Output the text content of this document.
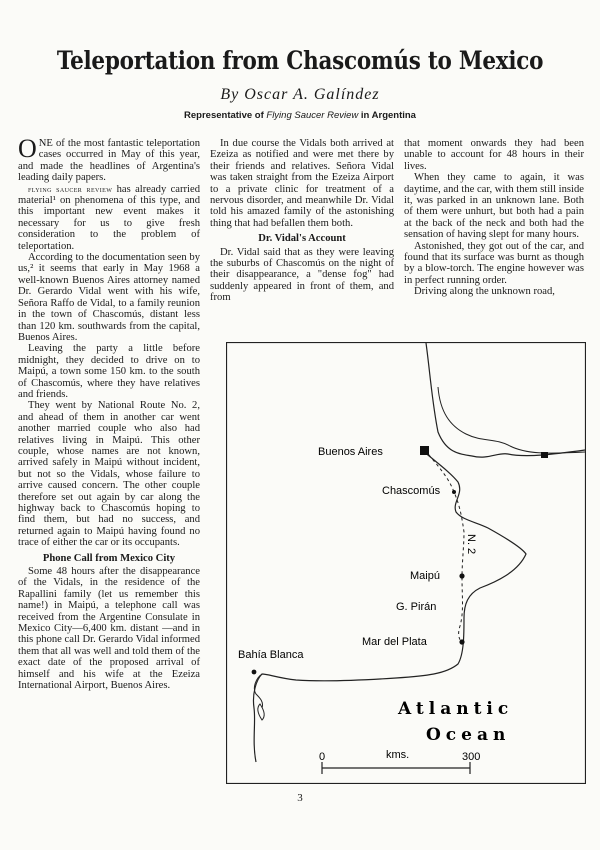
Teleportation from Chascomús to Mexico
By Oscar A. Galíndez
Representative of Flying Saucer Review in Argentina

ONE of the most fantastic teleportation cases occurred in May of this year, and made the headlines of Argentina's leading daily papers.

flying saucer review has already carried material¹ on phenomena of this type, and this important new event makes it necessary for us to give fresh consideration to the problem of teleportation.

According to the documentation seen by us,² it seems that early in May 1968 a well-known Buenos Aires attorney named Dr. Gerardo Vidal went with his wife, Señora Raffo de Vidal, to a family reunion in the town of Chascomús, distant less than 120 km. southwards from the capital, Buenos Aires.

Leaving the party a little before midnight, they decided to drive on to Maipú, a town some 150 km. to the south of Chascomús, where they have relatives and friends.

They went by National Route No. 2, and ahead of them in another car went another married couple who also had relatives living in Maipú. This other couple, whose names are not known, arrived safely in Maipú without incident, but not so the Vidals, whose failure to arrive caused concern. The other couple therefore set out again by car along the highway back to Chascomús hoping to find them, but had no success, and returned again to Maipú having found no trace of either the car or its occupants.

Phone Call from Mexico City

Some 48 hours after the disappearance of the Vidals, in the residence of the Rapallini family (let us remember this name!) in Maipú, a telephone call was received from the Argentine Consulate in Mexico City—6,400 km. distant —and in this phone call Dr. Gerardo Vidal informed them that all was well and told them of the exact date of the proposed arrival of himself and his wife at the Ezeiza International Airport, Buenos Aires.

In due course the Vidals both arrived at Ezeiza as notified and were met there by their friends and relatives. Señora Vidal was taken straight from the Ezeiza Airport to a private clinic for treatment of a nervous disorder, and meanwhile Dr. Vidal told his amazed family of the astonishing thing that had befallen them both.

Dr. Vidal's Account

Dr. Vidal said that as they were leaving the suburbs of Chascomús on the night of their disappearance, a "dense fog" had suddenly appeared in front of them, and from

that moment onwards they had been unable to account for 48 hours in their lives.

When they came to again, it was daytime, and the car, with them still inside it, was parked in an unknown lane. Both of them were unhurt, but both had a pain at the back of the neck and both had the sensation of having slept for many hours.

Astonished, they got out of the car, and found that its surface was burnt as though by a blow-torch. The engine however was in perfect running order.

Driving along the unknown road,

Buenos Aires
Chascomús
Maipú
G. Pirán
Mar del Plata
Bahía Blanca
N. 2
Atlantic
Ocean
0	kms.	300
3
